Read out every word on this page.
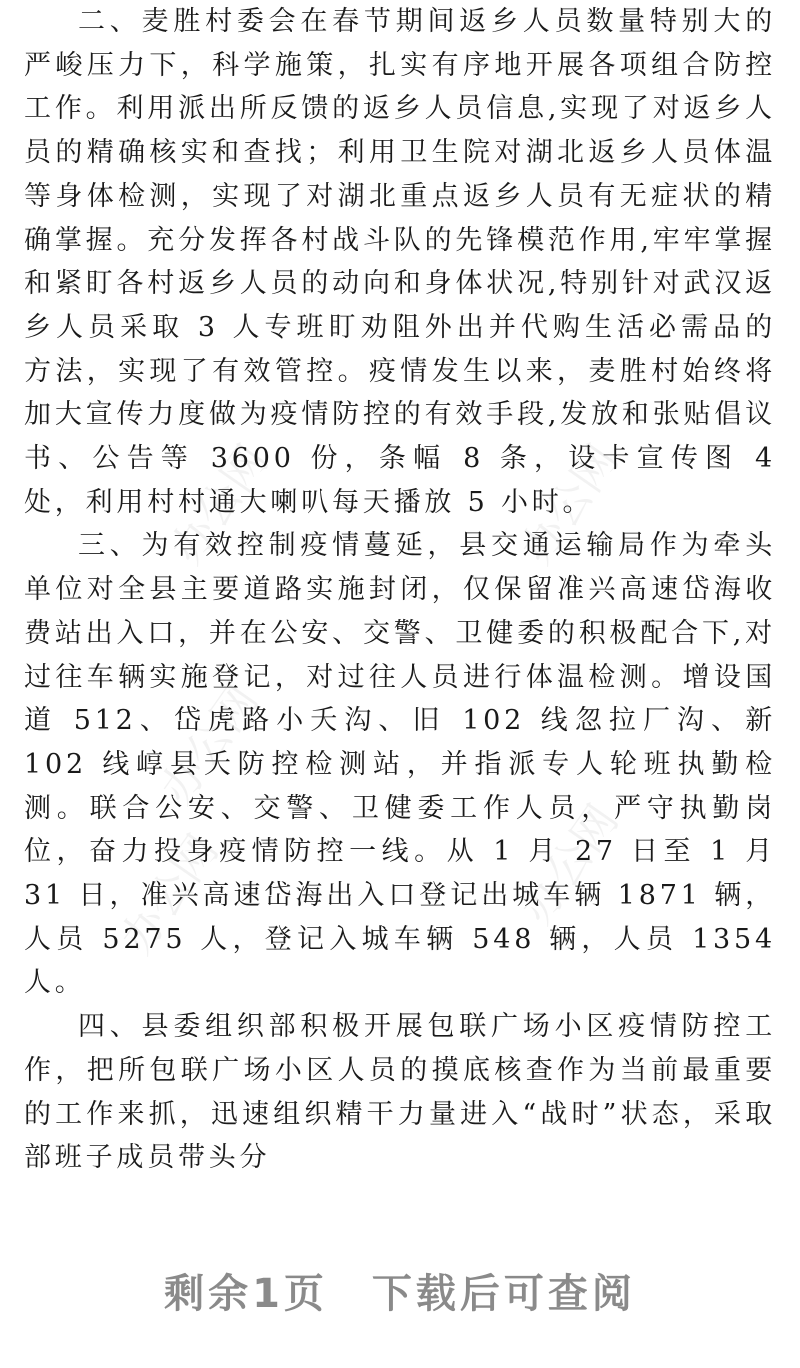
办公网	办公网
办公网
办公网
办公网

二、麦胜村委会在春节期间返乡人员数量特别大的严峻压力下，科学施策，扎实有序地开展各项组合防控工作。利用派出所反馈的返乡人员信息,实现了对返乡人员的精确核实和查找；利用卫生院对湖北返乡人员体温等身体检测，实现了对湖北重点返乡人员有无症状的精确掌握。充分发挥各村战斗队的先锋模范作用,牢牢掌握和紧盯各村返乡人员的动向和身体状况,特别针对武汉返乡人员采取 3 人专班盯劝阻外出并代购生活必需品的方法，实现了有效管控。疫情发生以来，麦胜村始终将加大宣传力度做为疫情防控的有效手段,发放和张贴倡议书、公告等 3600 份，条幅 8 条，设卡宣传图 4 处，利用村村通大喇叭每天播放 5 小时。

三、为有效控制疫情蔓延，县交通运输局作为牵头单位对全县主要道路实施封闭，仅保留准兴高速岱海收费站出入口，并在公安、交警、卫健委的积极配合下,对过往车辆实施登记，对过往人员进行体温检测。增设国道 512、岱虎路小夭沟、旧 102 线忽拉厂沟、新 102 线崞县夭防控检测站，并指派专人轮班执勤检测。联合公安、交警、卫健委工作人员，严守执勤岗位，奋力投身疫情防控一线。从 1 月 27 日至 1 月 31 日，准兴高速岱海出入口登记出城车辆 1871 辆，人员 5275 人，登记入城车辆 548 辆，人员 1354 人。

四、县委组织部积极开展包联广场小区疫情防控工作，把所包联广场小区人员的摸底核查作为当前最重要的工作来抓，迅速组织精干力量进入“战时”状态，采取部班子成员带头分

剩余1页 下载后可查阅
